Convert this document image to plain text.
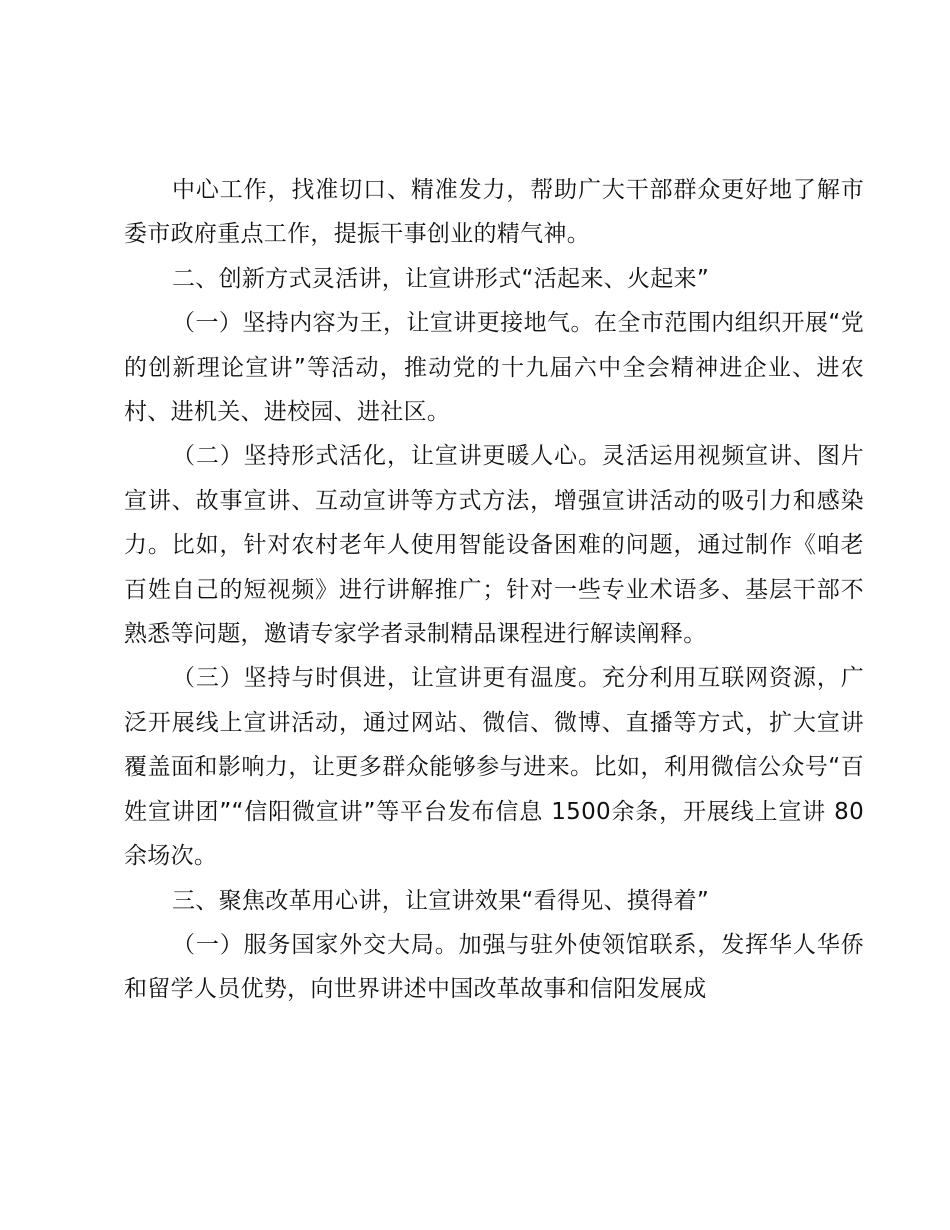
中心工作，找准切口、精准发力，帮助广大干部群众更好地了解市委市政府重点工作，提振干事创业的精气神。

二、创新方式灵活讲，让宣讲形式“活起来、火起来”

（一）坚持内容为王，让宣讲更接地气。在全市范围内组织开展“党的创新理论宣讲”等活动，推动党的十九届六中全会精神进企业、进农村、进机关、进校园、进社区。

（二）坚持形式活化，让宣讲更暖人心。灵活运用视频宣讲、图片宣讲、故事宣讲、互动宣讲等方式方法，增强宣讲活动的吸引力和感染力。比如，针对农村老年人使用智能设备困难的问题，通过制作《咱老百姓自己的短视频》进行讲解推广；针对一些专业术语多、基层干部不熟悉等问题，邀请专家学者录制精品课程进行解读阐释。

（三）坚持与时俱进，让宣讲更有温度。充分利用互联网资源，广泛开展线上宣讲活动，通过网站、微信、微博、直播等方式，扩大宣讲覆盖面和影响力，让更多群众能够参与进来。比如，利用微信公众号“百姓宣讲团”“信阳微宣讲”等平台发布信息 1500余条，开展线上宣讲 80 余场次。

三、聚焦改革用心讲，让宣讲效果“看得见、摸得着”

（一）服务国家外交大局。加强与驻外使领馆联系，发挥华人华侨和留学人员优势，向世界讲述中国改革故事和信阳发展成
